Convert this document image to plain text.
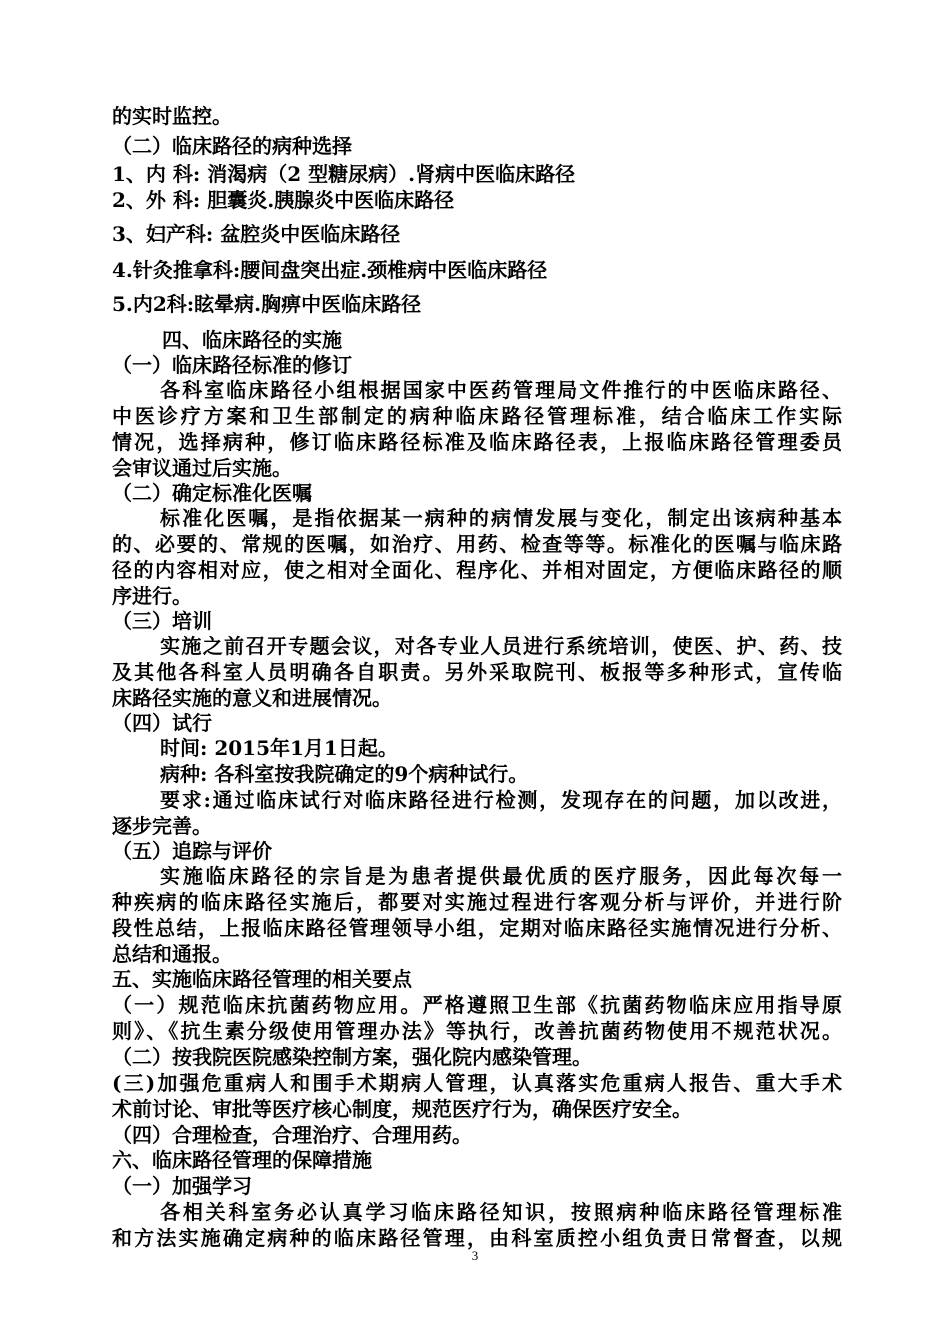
的实时监控。
（二）临床路径的病种选择
1、内 科: 消渴病（2 型糖尿病）.肾病中医临床路径
2、外 科: 胆囊炎.胰腺炎中医临床路径
3、妇产科: 盆腔炎中医临床路径
4.针灸推拿科:腰间盘突出症.颈椎病中医临床路径
5.内2科:眩晕病.胸痹中医临床路径
四、临床路径的实施
（一）临床路径标准的修订
各科室临床路径小组根据国家中医药管理局文件推行的中医临床路径、
中医诊疗方案和卫生部制定的病种临床路径管理标准，结合临床工作实际
情况，选择病种，修订临床路径标准及临床路径表，上报临床路径管理委员
会审议通过后实施。
（二）确定标准化医嘱
标准化医嘱，是指依据某一病种的病情发展与变化，制定出该病种基本
的、必要的、常规的医嘱，如治疗、用药、检查等等。标准化的医嘱与临床路
径的内容相对应，使之相对全面化、程序化、并相对固定，方便临床路径的顺
序进行。
（三）培训
实施之前召开专题会议，对各专业人员进行系统培训，使医、护、药、技
及其他各科室人员明确各自职责。另外采取院刊、板报等多种形式，宣传临
床路径实施的意义和进展情况。
（四）试行
时间: 2015年1月1日起。
病种: 各科室按我院确定的9个病种试行。
要求:通过临床试行对临床路径进行检测，发现存在的问题，加以改进，
逐步完善。
（五）追踪与评价
实施临床路径的宗旨是为患者提供最优质的医疗服务，因此每次每一
种疾病的临床路径实施后，都要对实施过程进行客观分析与评价，并进行阶
段性总结，上报临床路径管理领导小组，定期对临床路径实施情况进行分析、
总结和通报。
五、实施临床路径管理的相关要点
（一）规范临床抗菌药物应用。严格遵照卫生部《抗菌药物临床应用指导原
则》、《抗生素分级使用管理办法》等执行，改善抗菌药物使用不规范状况。
（二）按我院医院感染控制方案，强化院内感染管理。
(三)加强危重病人和围手术期病人管理，认真落实危重病人报告、重大手术
术前讨论、审批等医疗核心制度，规范医疗行为，确保医疗安全。
（四）合理检查，合理治疗、合理用药。
六、临床路径管理的保障措施
（一）加强学习
各相关科室务必认真学习临床路径知识，按照病种临床路径管理标准
和方法实施确定病种的临床路径管理，由科室质控小组负责日常督查，以规
3
